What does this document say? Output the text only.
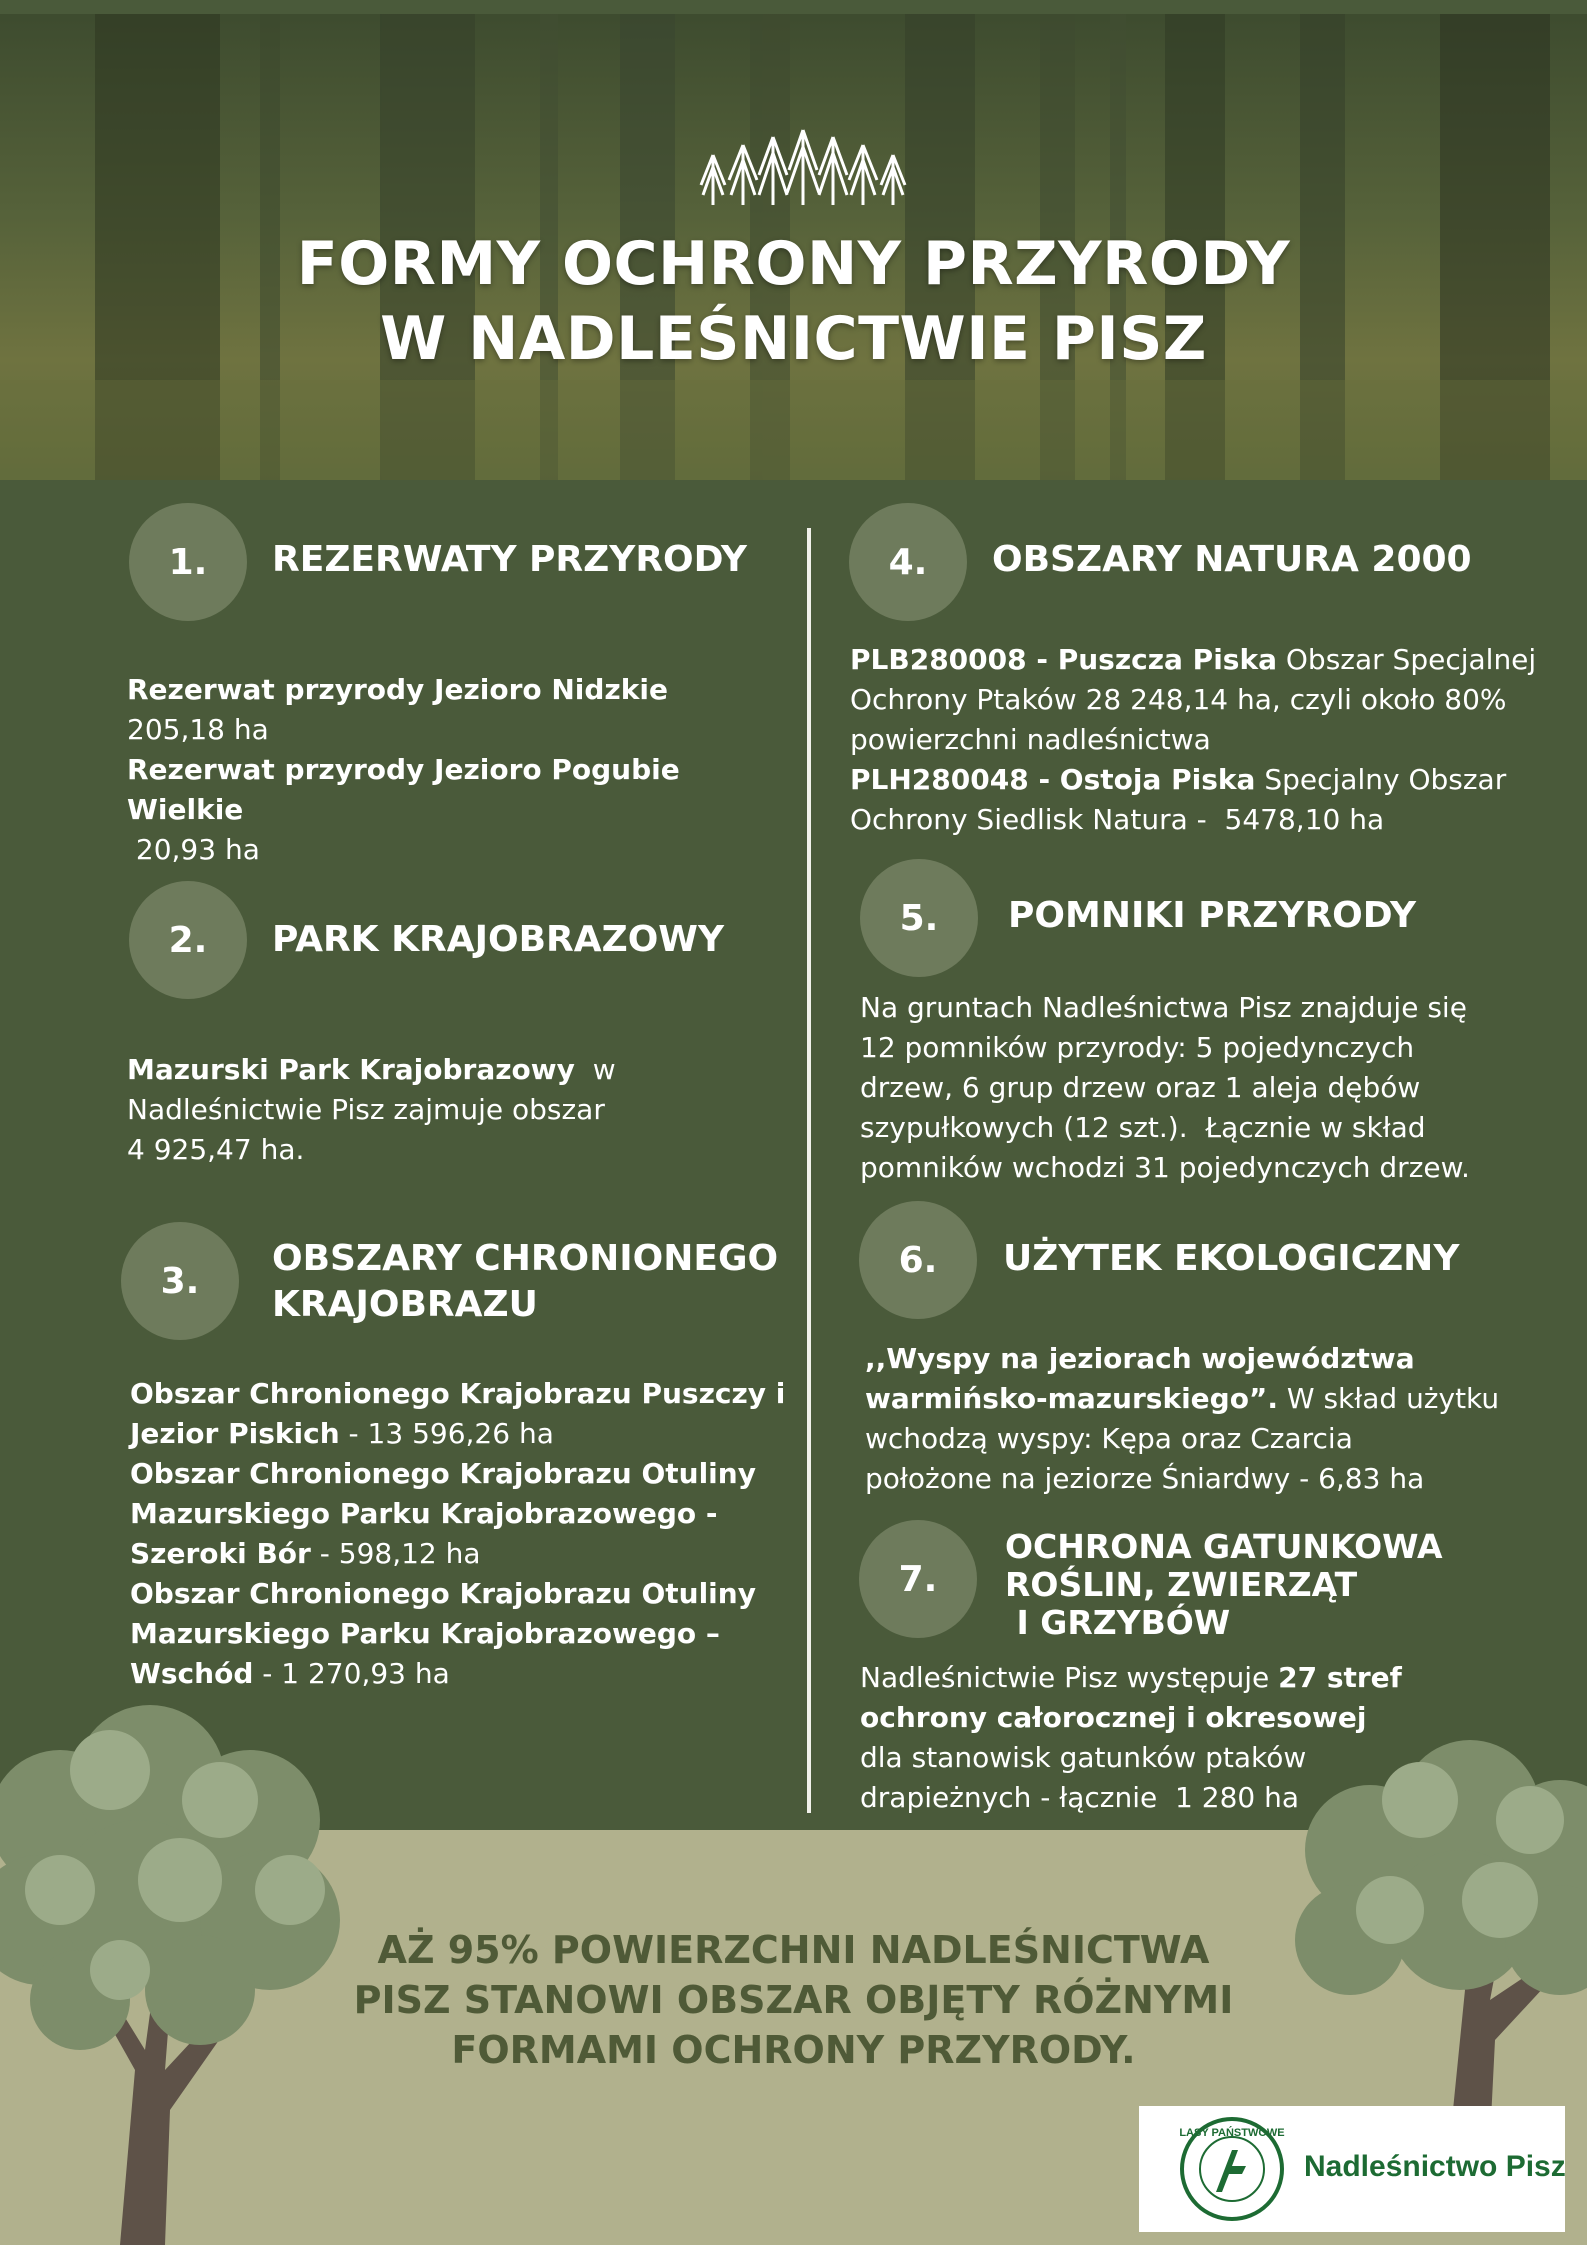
FORMY OCHRONY PRZYRODY
W NADLEŚNICTWIE PISZ
1.	REZERWATY PRZYRODY
Rezerwat przyrody Jezioro Nidzkie
205,18 ha
Rezerwat przyrody Jezioro Pogubie Wielkie
20,93 ha
2.	PARK KRAJOBRAZOWY
Mazurski Park Krajobrazowy  w
Nadleśnictwie Pisz zajmuje obszar
4 925,47 ha.
3.
OBSZARY CHRONIONEGO
KRAJOBRAZU
Obszar Chronionego Krajobrazu Puszczy i
Jezior Piskich - 13 596,26 ha
Obszar Chronionego Krajobrazu Otuliny
Mazurskiego Parku Krajobrazowego -
Szeroki Bór - 598,12 ha
Obszar Chronionego Krajobrazu Otuliny
Mazurskiego Parku Krajobrazowego –
Wschód - 1 270,93 ha
4.	OBSZARY NATURA 2000
PLB280008 - Puszcza Piska Obszar Specjalnej
Ochrony Ptaków 28 248,14 ha, czyli około 80%
powierzchni nadleśnictwa
PLH280048 - Ostoja Piska Specjalny Obszar
Ochrony Siedlisk Natura -  5478,10 ha
5.	POMNIKI PRZYRODY
Na gruntach Nadleśnictwa Pisz znajduje się
12 pomników przyrody: 5 pojedynczych
drzew, 6 grup drzew oraz 1 aleja dębów
szypułkowych (12 szt.).  Łącznie w skład
pomników wchodzi 31 pojedynczych drzew.
6.	UŻYTEK EKOLOGICZNY
,,Wyspy na jeziorach województwa
warmińsko-mazurskiego”. W skład użytku
wchodzą wyspy: Kępa oraz Czarcia
położone na jeziorze Śniardwy - 6,83 ha
7.
OCHRONA GATUNKOWA
ROŚLIN, ZWIERZĄT
I GRZYBÓW
Nadleśnictwie Pisz występuje 27 stref
ochrony całorocznej i okresowej
dla stanowisk gatunków ptaków
drapieżnych - łącznie  1 280 ha
AŻ 95% POWIERZCHNI NADLEŚNICTWA
PISZ STANOWI OBSZAR OBJĘTY RÓŻNYMI
FORMAMI OCHRONY PRZYRODY.
LASY PAŃSTWOWE
Nadleśnictwo Pisz
